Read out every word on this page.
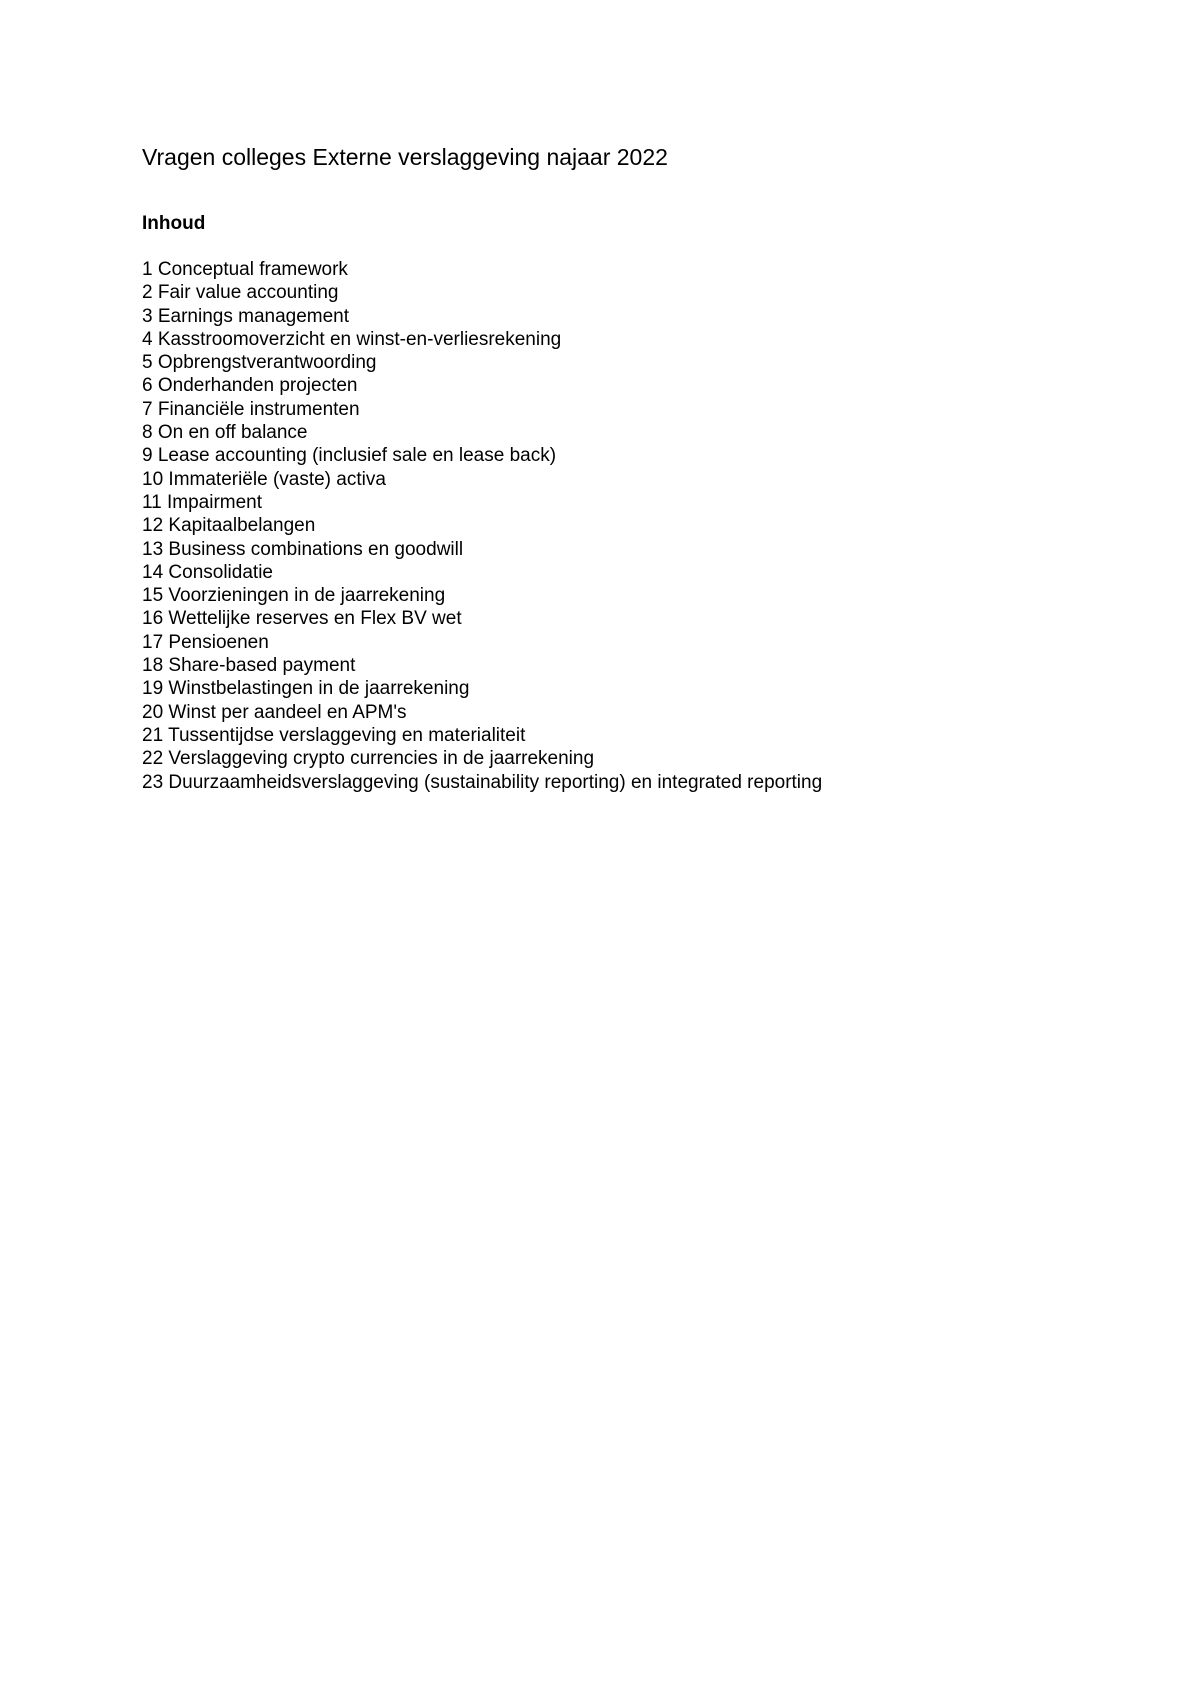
Vragen colleges Externe verslaggeving najaar 2022
Inhoud
1 Conceptual framework
2 Fair value accounting
3 Earnings management
4 Kasstroomoverzicht en winst-en-verliesrekening
5 Opbrengstverantwoording
6 Onderhanden projecten
7 Financiële instrumenten
8 On en off balance
9 Lease accounting (inclusief sale en lease back)
10 Immateriële (vaste) activa
11 Impairment
12 Kapitaalbelangen
13 Business combinations en goodwill
14 Consolidatie
15 Voorzieningen in de jaarrekening
16 Wettelijke reserves en Flex BV wet
17 Pensioenen
18 Share-based payment
19 Winstbelastingen in de jaarrekening
20 Winst per aandeel en APM's
21 Tussentijdse verslaggeving en materialiteit
22 Verslaggeving crypto currencies in de jaarrekening
23 Duurzaamheidsverslaggeving (sustainability reporting) en integrated reporting
